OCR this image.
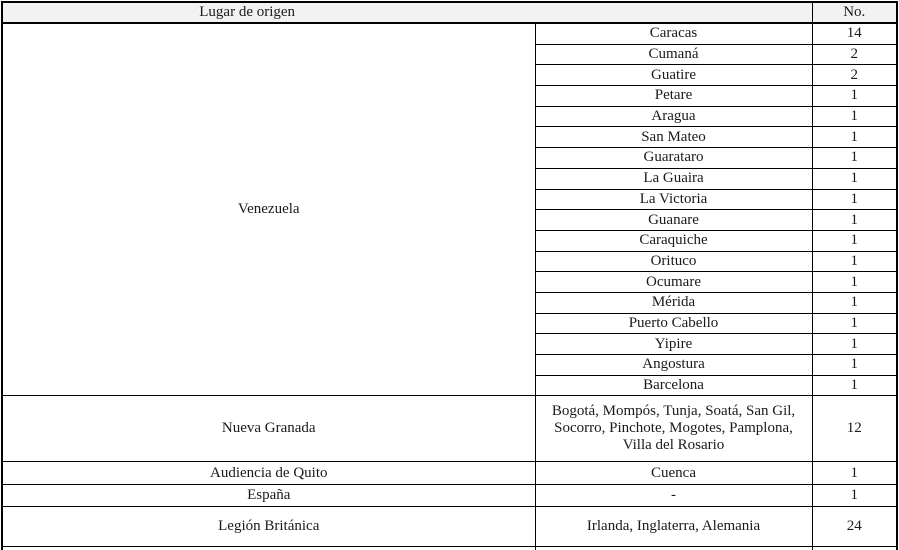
Lugar de origen		No.
Venezuela	Caracas	14
	Cumaná	2
	Guatire	2
	Petare	1
	Aragua	1
	San Mateo	1
	Guarataro	1
	La Guaira	1
	La Victoria	1
	Guanare	1
	Caraquiche	1
	Orituco	1
	Ocumare	1
	Mérida	1
	Puerto Cabello	1
	Yipire	1
	Angostura	1
	Barcelona	1
Nueva Granada	Bogotá, Mompós, Tunja, Soatá, San Gil, Socorro, Pinchote, Mogotes, Pamplona, Villa del Rosario	12
Audiencia de Quito	Cuenca	1
España	-	1
Legión Británica	Irlanda, Inglaterra, Alemania	24
